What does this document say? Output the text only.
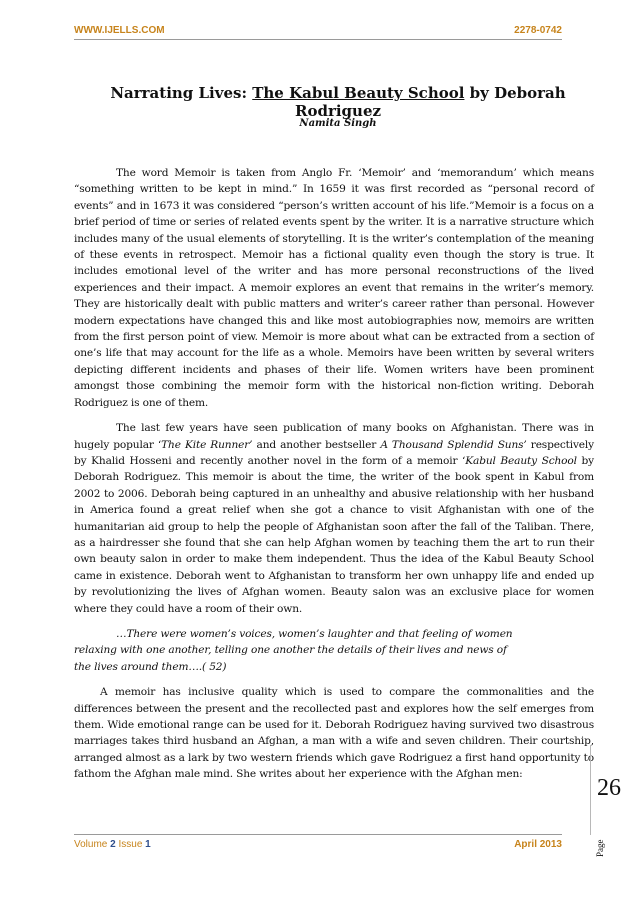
WWW.IJELLS.COM	2278-0742
Narrating Lives: The Kabul Beauty School by Deborah Rodriguez
Namita Singh

The word Memoir is taken from Anglo Fr. ‘Memoir’ and ‘memorandum’ which means “something written to be kept in mind.” In 1659 it was first recorded as “personal record of events” and in 1673 it was considered “person’s written account of his life.”Memoir is a focus on a brief period of time or series of related events spent by the writer. It is a narrative structure which includes many of the usual elements of storytelling. It is the writer’s contemplation of the meaning of these events in retrospect. Memoir has a fictional quality even though the story is true. It includes emotional level of the writer and has more personal reconstructions of the lived experiences and their impact. A memoir explores an event that remains in the writer’s memory. They are historically dealt with public matters and writer’s career rather than personal. However modern expectations have changed this and like most autobiographies now, memoirs are written from the first person point of view. Memoir is more about what can be extracted from a section of one’s life that may account for the life as a whole. Memoirs have been written by several writers depicting different incidents and phases of their life. Women writers have been prominent amongst those combining the memoir form with the historical non-fiction writing. Deborah Rodriguez is one of them.

The last few years have seen publication of many books on Afghanistan. There was in hugely popular ‘The Kite Runner’ and another bestseller A Thousand Splendid Suns’ respectively by Khalid Hosseni and recently another novel in the form of a memoir ‘Kabul Beauty School by Deborah Rodriguez. This memoir is about the time, the writer of the book spent in Kabul from 2002 to 2006. Deborah being captured in an unhealthy and abusive relationship with her husband in America found a great relief when she got a chance to visit Afghanistan with one of the humanitarian aid group to help the people of Afghanistan soon after the fall of the Taliban. There, as a hairdresser she found that she can help Afghan women by teaching them the art to run their own beauty salon in order to make them independent. Thus the idea of the Kabul Beauty School came in existence. Deborah went to Afghanistan to transform her own unhappy life and ended up by revolutionizing the lives of Afghan women. Beauty salon was an exclusive place for women where they could have a room of their own.

…There were women’s voices, women’s laughter and that feeling of women
relaxing with one another, telling one another the details of their lives and news of
the lives around them….( 52)

A memoir has inclusive quality which is used to compare the commonalities and the differences between the present and the recollected past and explores how the self emerges from them. Wide emotional range can be used for it. Deborah Rodriguez having survived two disastrous marriages takes third husband an Afghan, a man with a wife and seven children. Their courtship, arranged almost as a lark by two western friends which gave Rodriguez a first hand opportunity to fathom the Afghan male mind. She writes about her experience with the Afghan men:

Page
26
Volume 2 Issue 1	April 2013
